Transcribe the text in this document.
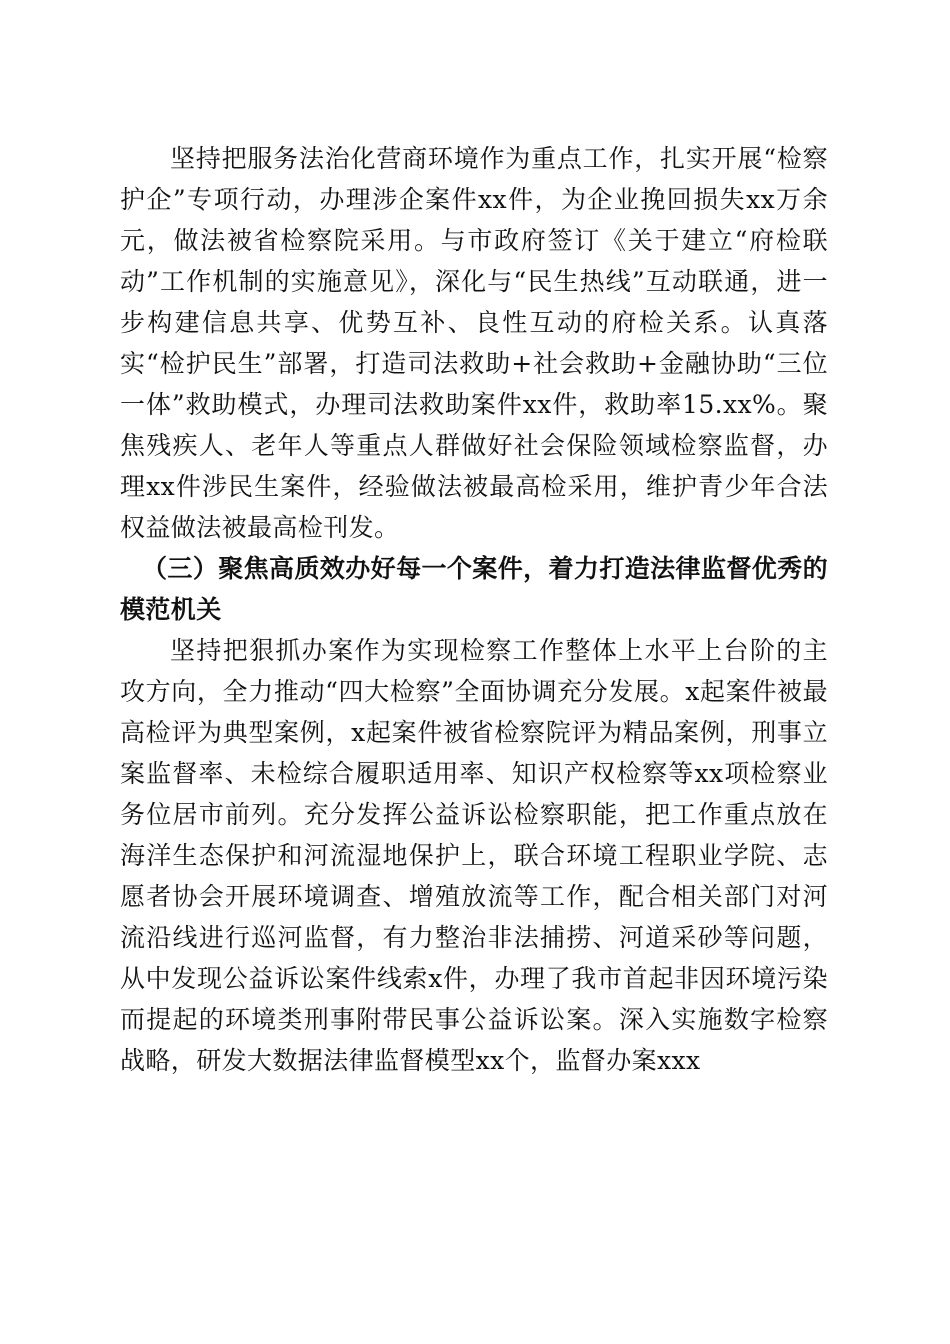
坚持把服务法治化营商环境作为重点工作，扎实开展“检察护企”专项行动，办理涉企案件xx件，为企业挽回损失xx万余元，做法被省检察院采用。与市政府签订《关于建立“府检联动”工作机制的实施意见》，深化与“民生热线”互动联通，进一步构建信息共享、优势互补、良性互动的府检关系。认真落实“检护民生”部署，打造司法救助+社会救助+金融协助“三位一体”救助模式，办理司法救助案件xx件，救助率15.xx%。聚焦残疾人、老年人等重点人群做好社会保险领域检察监督，办理xx件涉民生案件，经验做法被最高检采用，维护青少年合法权益做法被最高检刊发。

（三）聚焦高质效办好每一个案件，着力打造法律监督优秀的模范机关

坚持把狠抓办案作为实现检察工作整体上水平上台阶的主攻方向，全力推动“四大检察”全面协调充分发展。x起案件被最高检评为典型案例，x起案件被省检察院评为精品案例，刑事立案监督率、未检综合履职适用率、知识产权检察等xx项检察业务位居市前列。充分发挥公益诉讼检察职能，把工作重点放在海洋生态保护和河流湿地保护上，联合环境工程职业学院、志愿者协会开展环境调查、增殖放流等工作，配合相关部门对河流沿线进行巡河监督，有力整治非法捕捞、河道采砂等问题，从中发现公益诉讼案件线索x件，办理了我市首起非因环境污染而提起的环境类刑事附带民事公益诉讼案。深入实施数字检察战略，研发大数据法律监督模型xx个，监督办案xxx
